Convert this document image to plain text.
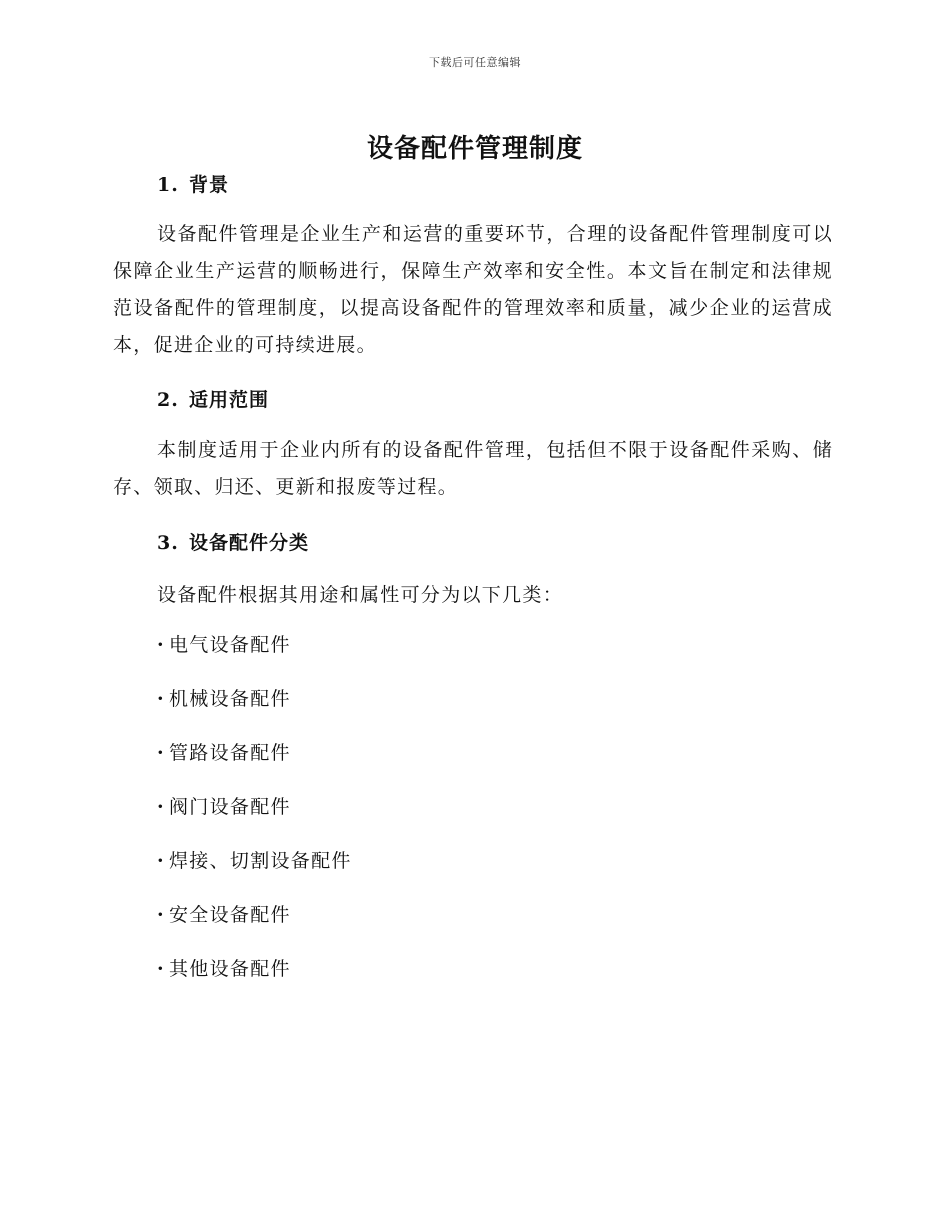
下载后可任意编辑
设备配件管理制度
1. 背景

设备配件管理是企业生产和运营的重要环节，合理的设备配件管理制度可以保障企业生产运营的顺畅进行，保障生产效率和安全性。本文旨在制定和法律规范设备配件的管理制度，以提高设备配件的管理效率和质量，减少企业的运营成本，促进企业的可持续进展。

2. 适用范围

本制度适用于企业内所有的设备配件管理，包括但不限于设备配件采购、储存、领取、归还、更新和报废等过程。

3. 设备配件分类

设备配件根据其用途和属性可分为以下几类：

· 电气设备配件
· 机械设备配件
· 管路设备配件
· 阀门设备配件
· 焊接、切割设备配件
· 安全设备配件
· 其他设备配件
